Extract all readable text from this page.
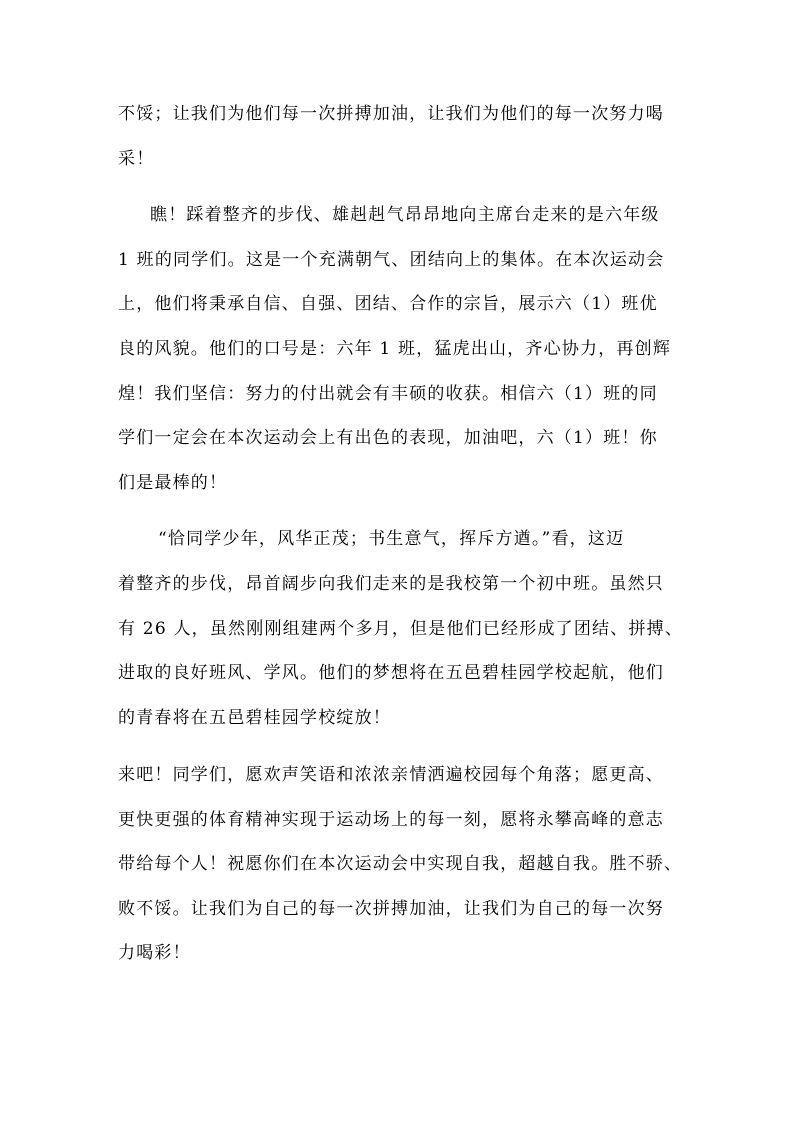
不馁；让我们为他们每一次拼搏加油，让我们为他们的每一次努力喝
采！
瞧！踩着整齐的步伐、雄赳赳气昂昂地向主席台走来的是六年级
1 班的同学们。这是一个充满朝气、团结向上的集体。在本次运动会
上，他们将秉承自信、自强、团结、合作的宗旨，展示六（1）班优
良的风貌。他们的口号是：六年 1 班，猛虎出山，齐心协力，再创辉
煌！我们坚信：努力的付出就会有丰硕的收获。相信六（1）班的同
学们一定会在本次运动会上有出色的表现，加油吧，六（1）班！你
们是最棒的！
“恰同学少年，风华正茂；书生意气，挥斥方遒。”看，这迈
着整齐的步伐，昂首阔步向我们走来的是我校第一个初中班。虽然只
有 26 人，虽然刚刚组建两个多月，但是他们已经形成了团结、拼搏、
进取的良好班风、学风。他们的梦想将在五邑碧桂园学校起航，他们
的青春将在五邑碧桂园学校绽放！
来吧！同学们，愿欢声笑语和浓浓亲情洒遍校园每个角落；愿更高、
更快更强的体育精神实现于运动场上的每一刻，愿将永攀高峰的意志
带给每个人！祝愿你们在本次运动会中实现自我，超越自我。胜不骄、
败不馁。让我们为自己的每一次拼搏加油，让我们为自己的每一次努
力喝彩！
